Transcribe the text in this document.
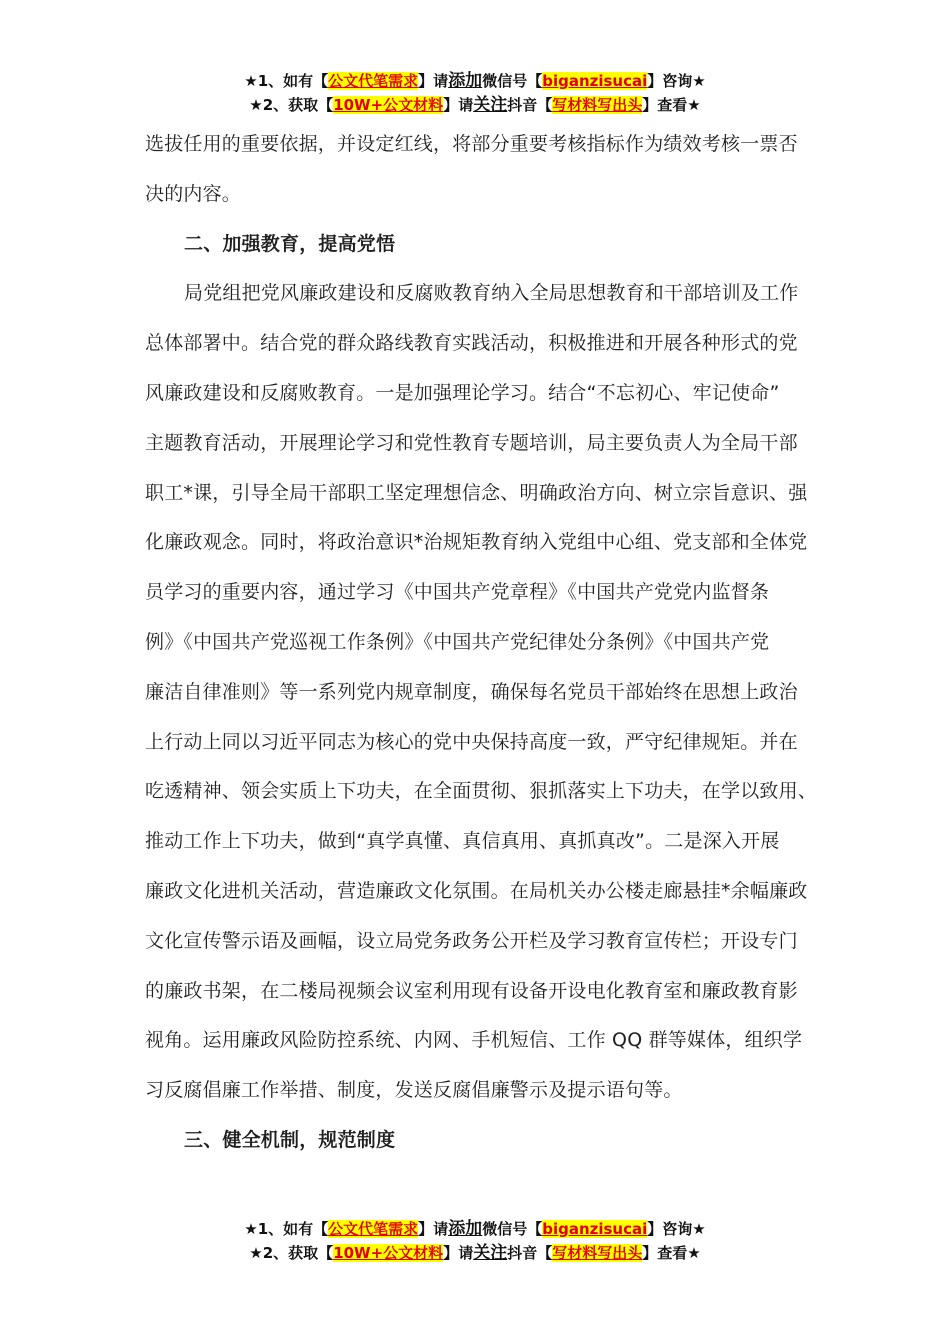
★1、如有【公文代笔需求】请添加微信号【biganzisucai】咨询★
★2、获取【10W+公文材料】请关注抖音【写材料写出头】查看★

选拔任用的重要依据，并设定红线，将部分重要考核指标作为绩效考核一票否

决的内容。

二、加强教育，提高党悟

局党组把党风廉政建设和反腐败教育纳入全局思想教育和干部培训及工作

总体部署中。结合党的群众路线教育实践活动，积极推进和开展各种形式的党

风廉政建设和反腐败教育。一是加强理论学习。结合“不忘初心、牢记使命”

主题教育活动，开展理论学习和党性教育专题培训，局主要负责人为全局干部

职工*课，引导全局干部职工坚定理想信念、明确政治方向、树立宗旨意识、强

化廉政观念。同时，将政治意识*治规矩教育纳入党组中心组、党支部和全体党

员学习的重要内容，通过学习《中国共产党章程》《中国共产党党内监督条

例》《中国共产党巡视工作条例》《中国共产党纪律处分条例》《中国共产党

廉洁自律准则》等一系列党内规章制度，确保每名党员干部始终在思想上政治

上行动上同以习近平同志为核心的党中央保持高度一致，严守纪律规矩。并在

吃透精神、领会实质上下功夫，在全面贯彻、狠抓落实上下功夫，在学以致用、

推动工作上下功夫，做到“真学真懂、真信真用、真抓真改”。二是深入开展

廉政文化进机关活动，营造廉政文化氛围。在局机关办公楼走廊悬挂*余幅廉政

文化宣传警示语及画幅，设立局党务政务公开栏及学习教育宣传栏；开设专门

的廉政书架，在二楼局视频会议室利用现有设备开设电化教育室和廉政教育影

视角。运用廉政风险防控系统、内网、手机短信、工作 QQ 群等媒体，组织学

习反腐倡廉工作举措、制度，发送反腐倡廉警示及提示语句等。

三、健全机制，规范制度

★1、如有【公文代笔需求】请添加微信号【biganzisucai】咨询★
★2、获取【10W+公文材料】请关注抖音【写材料写出头】查看★
